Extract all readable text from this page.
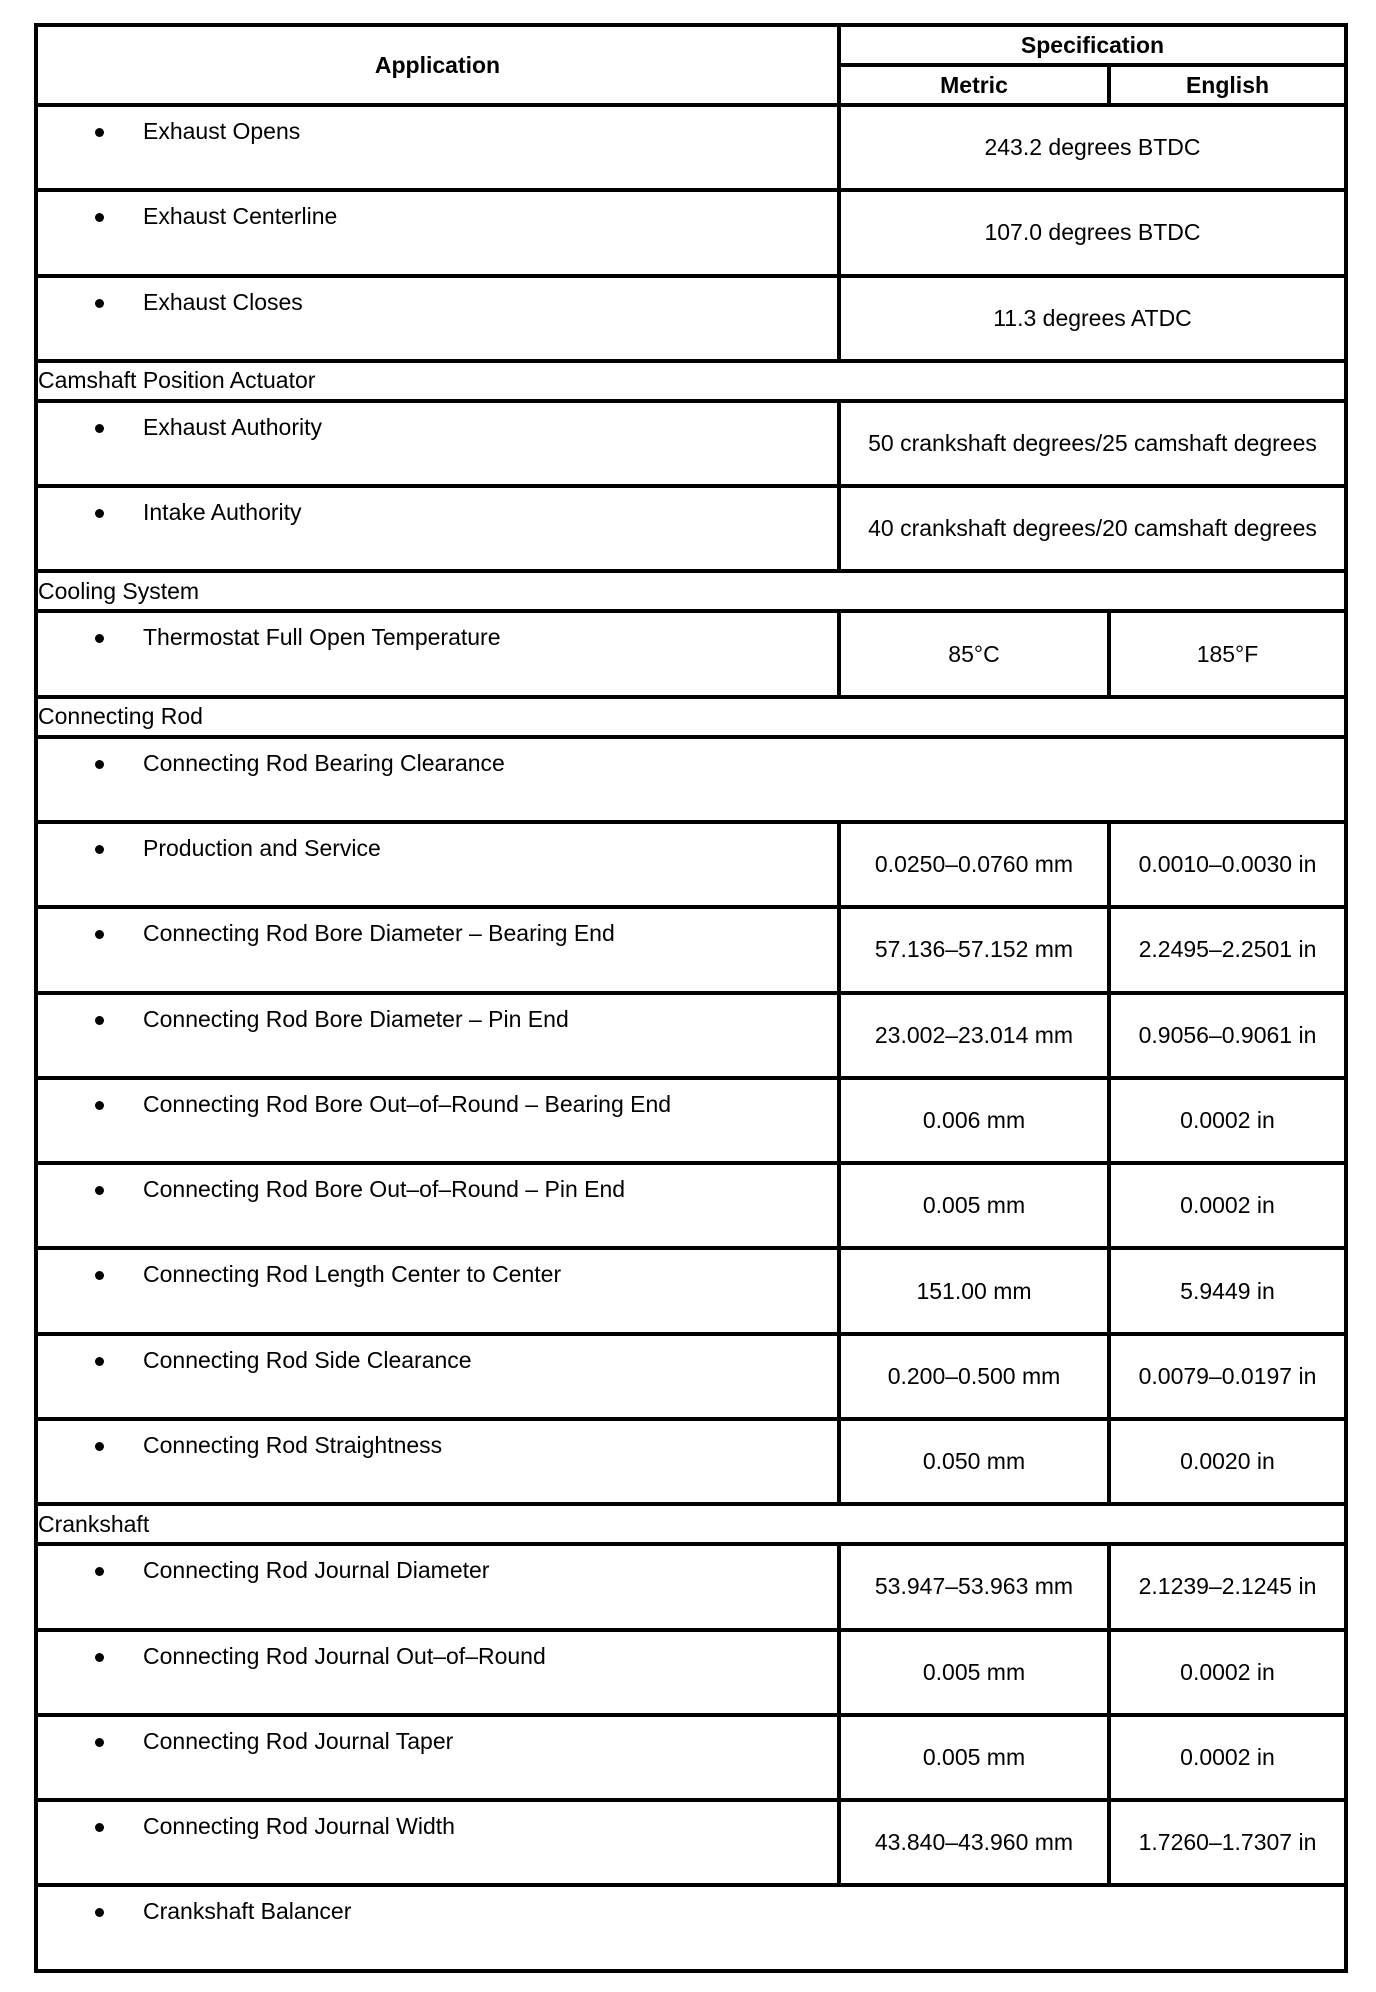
Application	Specification	
	Metric	English

Exhaust Opens	243.2 degrees BTDC	

Exhaust Centerline	107.0 degrees BTDC	

Exhaust Closes	11.3 degrees ATDC	
Camshaft Position Actuator		

Exhaust Authority	50 crankshaft degrees/25 camshaft degrees	

Intake Authority	40 crankshaft degrees/20 camshaft degrees	
Cooling System		

Thermostat Full Open Temperature	85°C	185°F
Connecting Rod		

Connecting Rod Bearing Clearance		

Production and Service	0.0250–0.0760 mm	0.0010–0.0030 in

Connecting Rod Bore Diameter – Bearing End	57.136–57.152 mm	2.2495–2.2501 in

Connecting Rod Bore Diameter – Pin End	23.002–23.014 mm	0.9056–0.9061 in

Connecting Rod Bore Out–of–Round – Bearing End	0.006 mm	0.0002 in

Connecting Rod Bore Out–of–Round – Pin End	0.005 mm	0.0002 in

Connecting Rod Length Center to Center	151.00 mm	5.9449 in

Connecting Rod Side Clearance	0.200–0.500 mm	0.0079–0.0197 in

Connecting Rod Straightness	0.050 mm	0.0020 in
Crankshaft		

Connecting Rod Journal Diameter	53.947–53.963 mm	2.1239–2.1245 in

Connecting Rod Journal Out–of–Round	0.005 mm	0.0002 in

Connecting Rod Journal Taper	0.005 mm	0.0002 in

Connecting Rod Journal Width	43.840–43.960 mm	1.7260–1.7307 in

Crankshaft Balancer		
